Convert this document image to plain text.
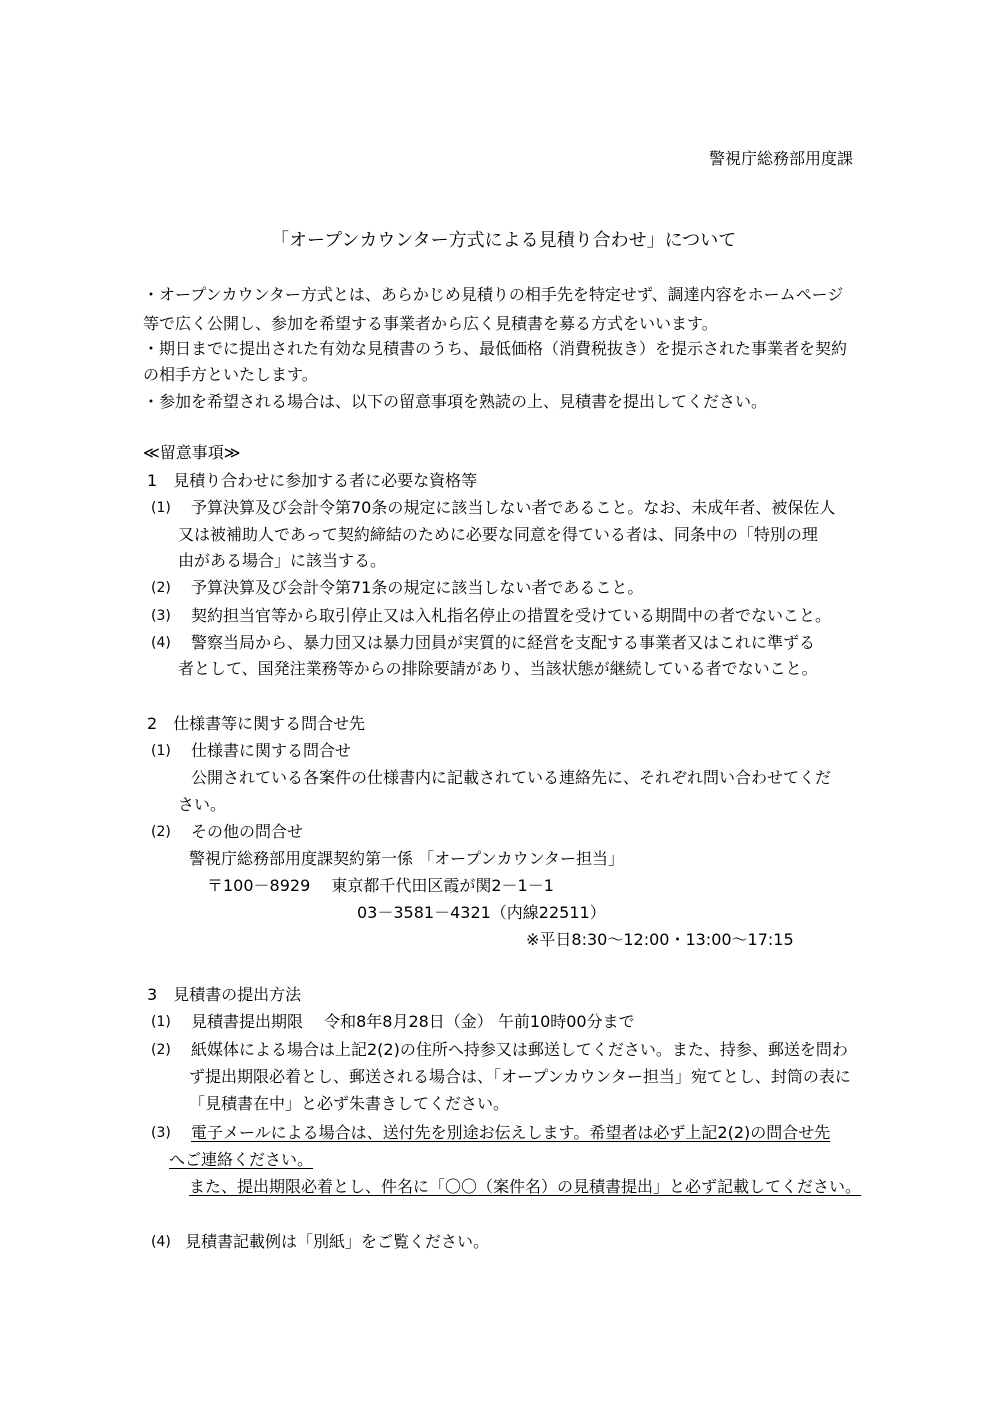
警視庁総務部用度課
「オープンカウンター方式による見積り合わせ」について
・オープンカウンター方式とは、あらかじめ見積りの相手先を特定せず、調達内容をホームページ
等で広く公開し、参加を希望する事業者から広く見積書を募る方式をいいます。
・期日までに提出された有効な見積書のうち、最低価格（消費税抜き）を提示された事業者を契約
の相手方といたします。
・参加を希望される場合は、以下の留意事項を熟読の上、見積書を提出してください。
≪留意事項≫
1　見積り合わせに参加する者に必要な資格等
(1) 予算決算及び会計令第70条の規定に該当しない者であること。なお、未成年者、被保佐人
又は被補助人であって契約締結のために必要な同意を得ている者は、同条中の「特別の理
由がある場合」に該当する。
(2) 予算決算及び会計令第71条の規定に該当しない者であること。
(3) 契約担当官等から取引停止又は入札指名停止の措置を受けている期間中の者でないこと。
(4) 警察当局から、暴力団又は暴力団員が実質的に経営を支配する事業者又はこれに準ずる
者として、国発注業務等からの排除要請があり、当該状態が継続している者でないこと。
2　仕様書等に関する問合せ先
(1) 仕様書に関する問合せ
公開されている各案件の仕様書内に記載されている連絡先に、それぞれ問い合わせてくだ
さい。
(2) その他の問合せ
警視庁総務部用度課契約第一係 「オープンカウンター担当」
〒100－8929　 東京都千代田区霞が関2－1－1
03－3581－4321（内線22511）
※平日8:30～12:00・13:00～17:15
3　見積書の提出方法
(1) 見積書提出期限　 令和8年8月28日（金） 午前10時00分まで
(2) 紙媒体による場合は上記2(2)の住所へ持参又は郵送してください。また、持参、郵送を問わ
ず提出期限必着とし、郵送される場合は、「オープンカウンター担当」宛てとし、封筒の表に
「見積書在中」と必ず朱書きしてください。
(3) 電子メールによる場合は、送付先を別途お伝えします。希望者は必ず上記2(2)の問合せ先
へご連絡ください。
また、提出期限必着とし、件名に「〇〇（案件名）の見積書提出」と必ず記載してください。
(4) 見積書記載例は「別紙」をご覧ください。
